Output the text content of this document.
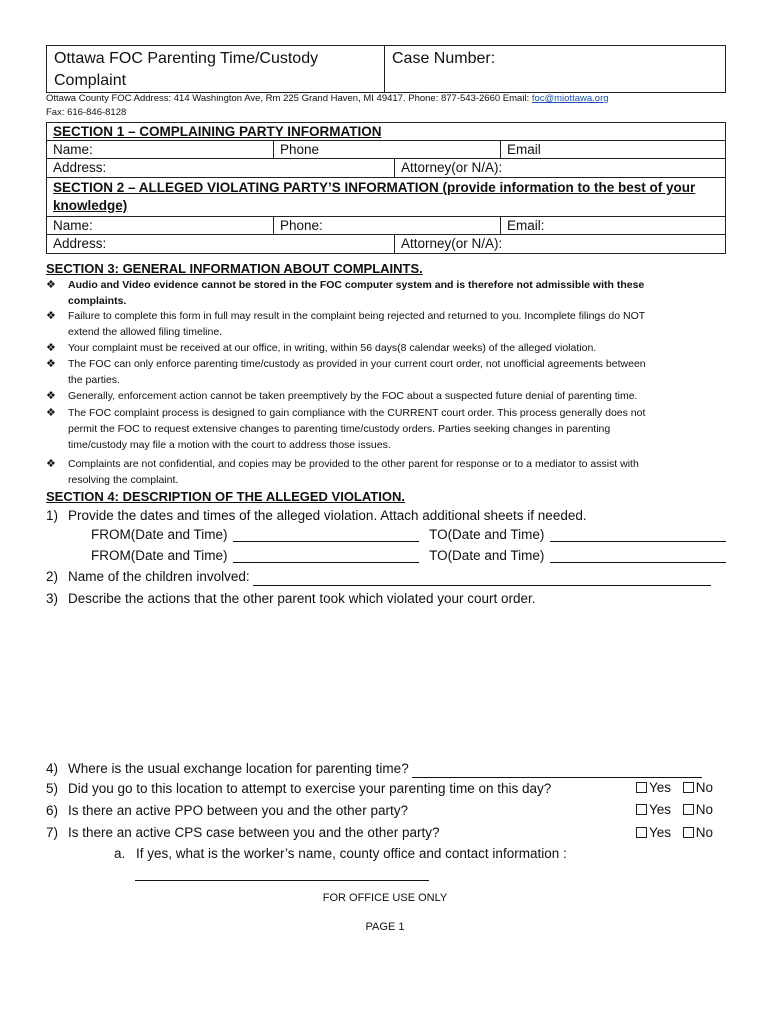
Ottawa FOC Parenting Time/Custody
Complaint
Case Number:
Ottawa County FOC Address: 414 Washington Ave, Rm 225 Grand Haven, MI 49417. Phone: 877-543-2660 Email: foc@miottawa.org
Fax: 616-846-8128
SECTION 1 – COMPLAINING PARTY INFORMATION		
Name:	Phone	Email

Address: Attorney(or N/A):		

SECTION 2 – ALLEGED VIOLATING PARTY’S INFORMATION (provide information to the best of your
knowledge)		
Name:	Phone:	Email:

Address: Attorney(or N/A):		
SECTION 3: GENERAL INFORMATION ABOUT COMPLAINTS.
❖	Audio and Video evidence cannot be stored in the FOC computer system and is therefore not admissible with these
complaints.
❖	Failure to complete this form in full may result in the complaint being rejected and returned to you. Incomplete filings do NOT
extend the allowed filing timeline.
❖	Your complaint must be received at our office, in writing, within 56 days(8 calendar weeks) of the alleged violation.
❖	The FOC can only enforce parenting time/custody as provided in your current court order, not unofficial agreements between
the parties.
❖	Generally, enforcement action cannot be taken preemptively by the FOC about a suspected future denial of parenting time.
❖	The FOC complaint process is designed to gain compliance with the CURRENT court order. This process generally does not
permit the FOC to request extensive changes to parenting time/custody orders. Parties seeking changes in parenting
time/custody may file a motion with the court to address those issues.
❖	Complaints are not confidential, and copies may be provided to the other parent for response or to a mediator to assist with
resolving the complaint.
SECTION 4: DESCRIPTION OF THE ALLEGED VIOLATION.
1) Provide the dates and times of the alleged violation. Attach additional sheets if needed.
FROM(Date and Time)	TO(Date and Time)
FROM(Date and Time)	TO(Date and Time)
2) Name of the children involved:
3) Describe the actions that the other parent took which violated your court order.
4) Where is the usual exchange location for parenting time?
5) Did you go to this location to attempt to exercise your parenting time on this day?	Yes No
6) Is there an active PPO between you and the other party?	Yes No
7) Is there an active CPS case between you and the other party?	Yes No
a. If yes, what is the worker’s name, county office and contact information :
FOR OFFICE USE ONLY
PAGE 1
